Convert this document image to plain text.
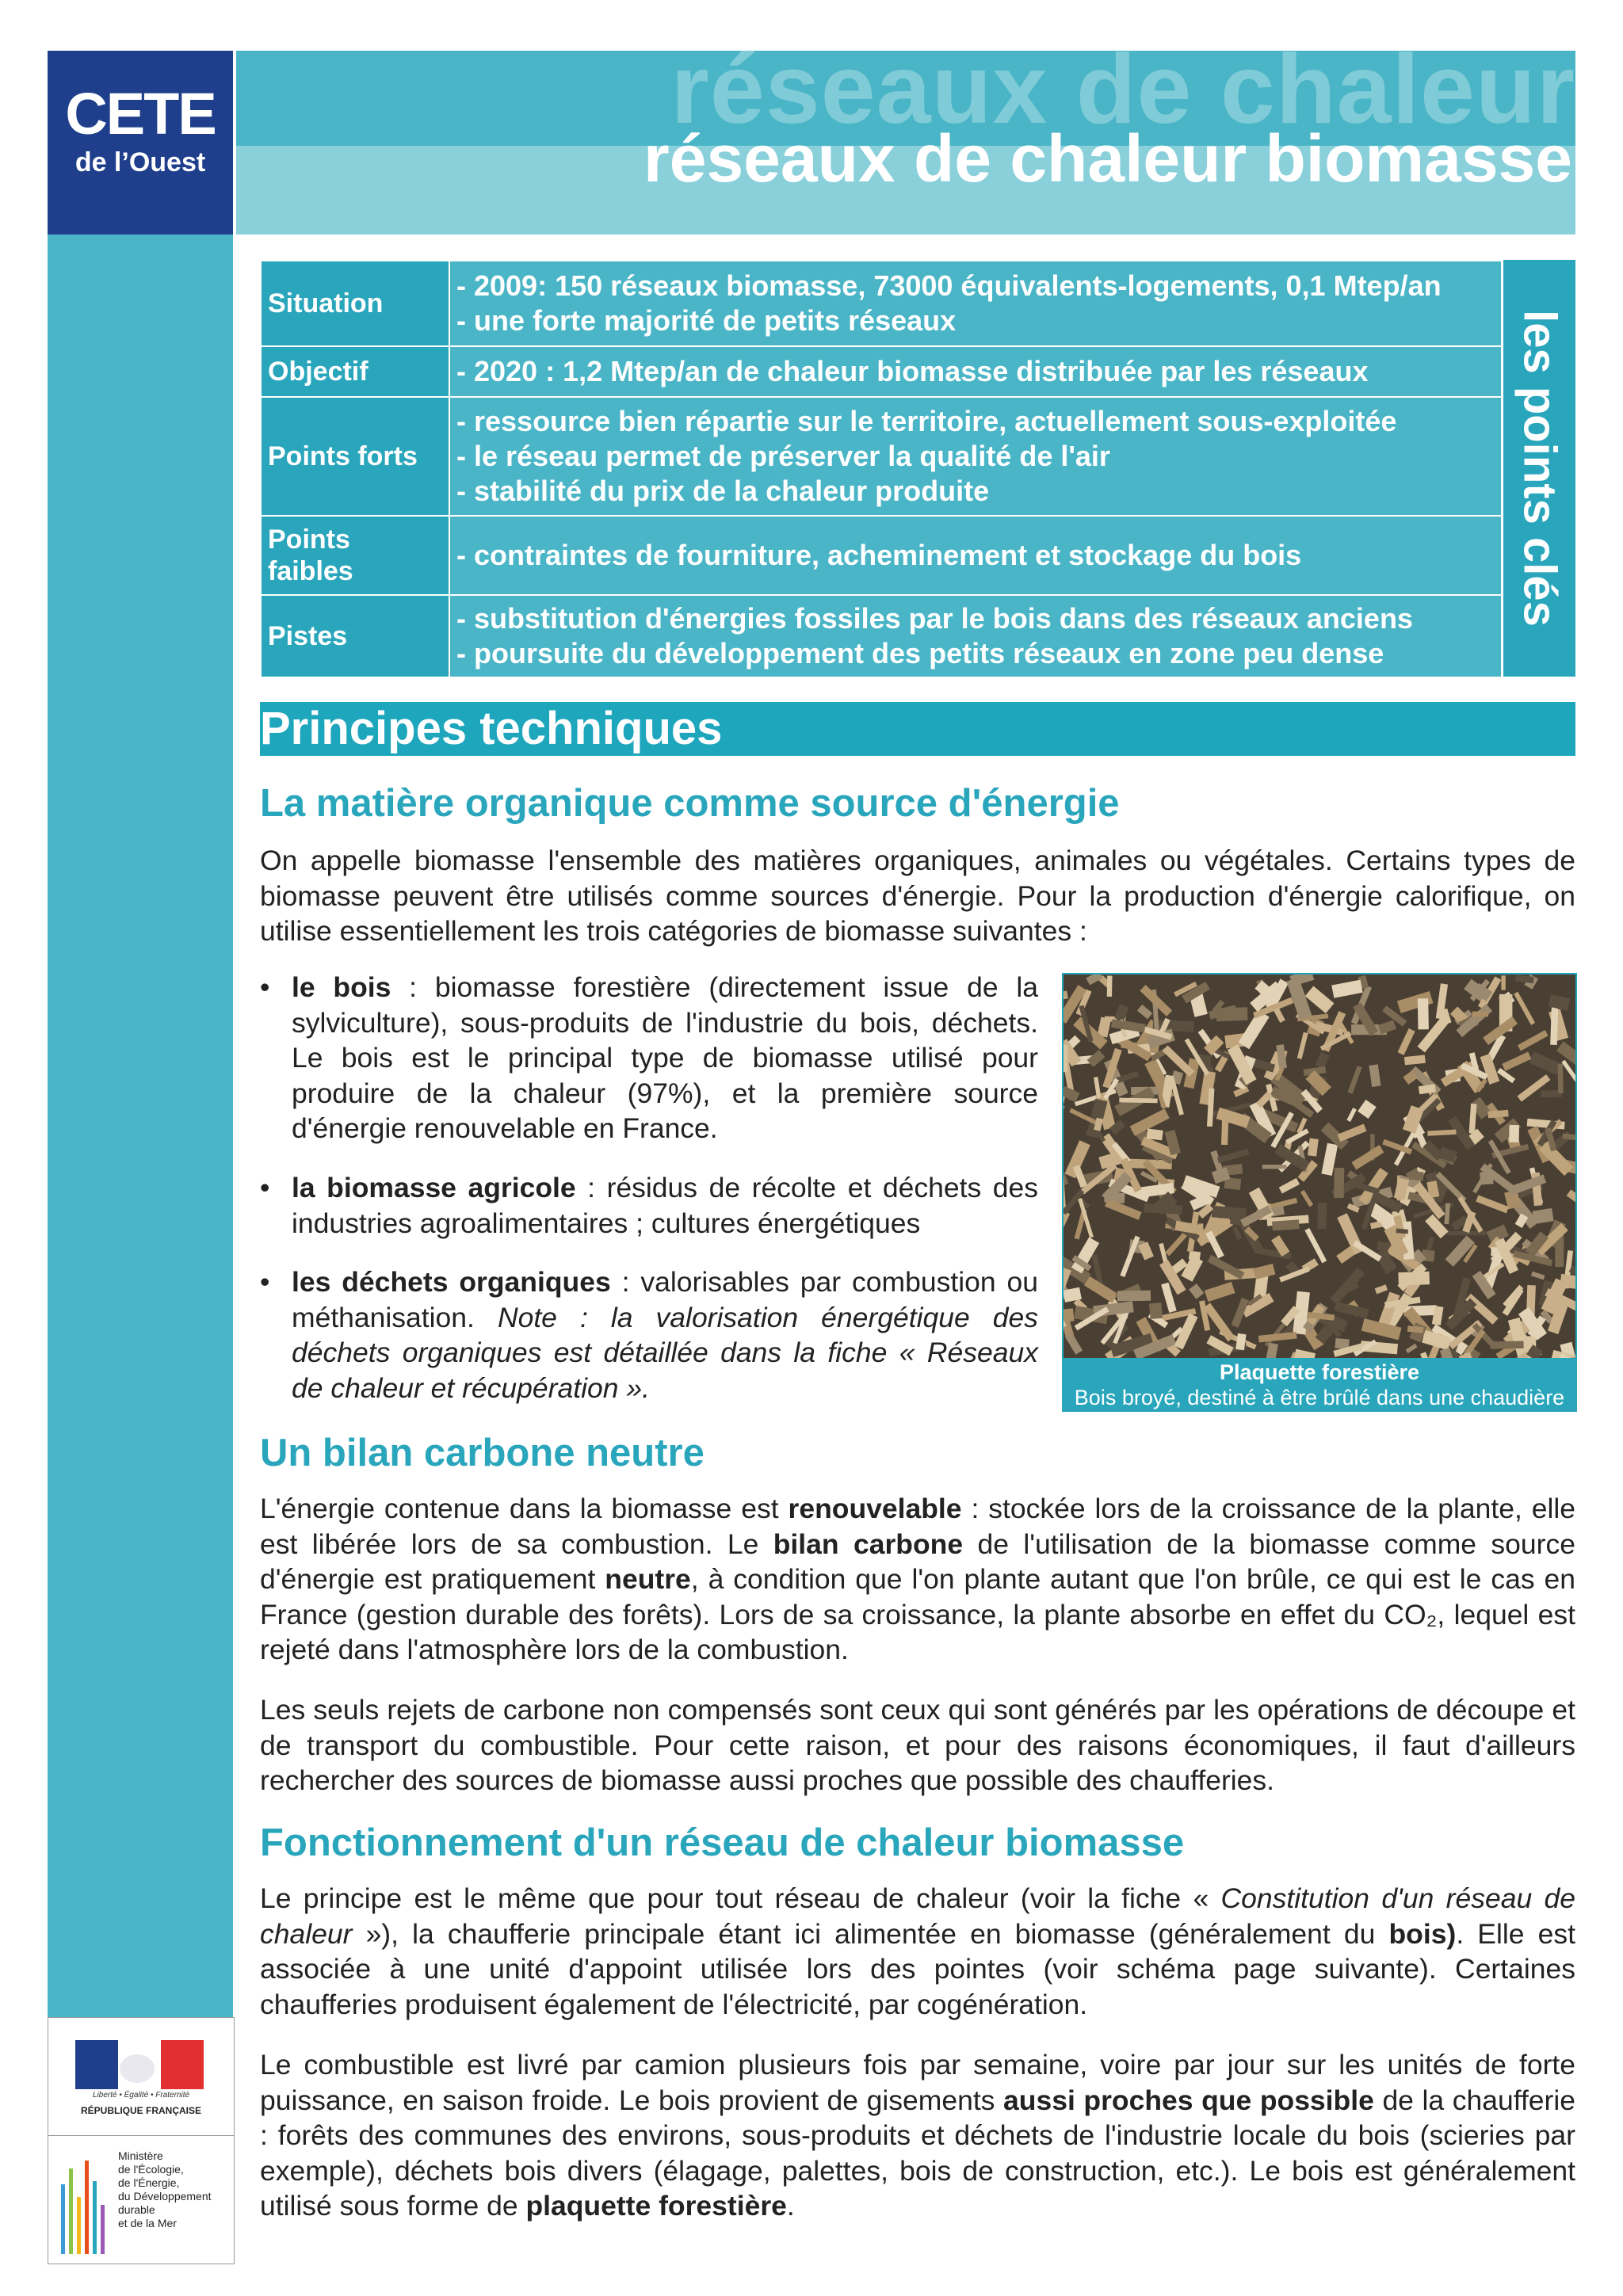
CETE
de l’Ouest
réseaux de chaleur
réseaux de chaleur biomasse
Situation	- 2009: 150 réseaux biomasse, 73000 équivalents-logements, 0,1 Mtep/an
- une forte majorité de petits réseaux

Objectif	- 2020 : 1,2 Mtep/an de chaleur biomasse distribuée par les réseaux

Points forts	- ressource bien répartie sur le territoire, actuellement sous-exploitée
- le réseau permet de préserver la qualité de l'air
- stabilité du prix de la chaleur produite

Points faibles	- contraintes de fourniture, acheminement et stockage du bois

Pistes	- substitution d'énergies fossiles par le bois dans des réseaux anciens
- poursuite du développement des petits réseaux en zone peu dense
les points clés
Principes techniques
La matière organique comme source d'énergie

On appelle biomasse l'ensemble des matières organiques, animales ou végétales. Certains types de biomasse peuvent être utilisés comme sources d'énergie. Pour la production d'énergie calorifique, on utilise essentiellement les trois catégories de biomasse suivantes :

• le bois : biomasse forestière (directement issue de la sylviculture), sous-produits de l'industrie du bois, déchets. Le bois est le principal type de biomasse utilisé pour produire de la chaleur (97%), et la première source d'énergie renouvelable en France.
• la biomasse agricole : résidus de récolte et déchets des industries agroalimentaires ; cultures énergétiques
• les déchets organiques : valorisables par combustion ou méthanisation. Note : la valorisation énergétique des déchets organiques est détaillée dans la fiche « Réseaux de chaleur et récupération ».	Plaquette forestière
Bois broyé, destiné à être brûlé dans une chaudière
Un bilan carbone neutre

L'énergie contenue dans la biomasse est renouvelable : stockée lors de la croissance de la plante, elle est libérée lors de sa combustion. Le bilan carbone de l'utilisation de la biomasse comme source d'énergie est pratiquement neutre, à condition que l'on plante autant que l'on brûle, ce qui est le cas en France (gestion durable des forêts). Lors de sa croissance, la plante absorbe en effet du CO₂, lequel est rejeté dans l'atmosphère lors de la combustion.

Les seuls rejets de carbone non compensés sont ceux qui sont générés par les opérations de découpe et de transport du combustible. Pour cette raison, et pour des raisons économiques, il faut d'ailleurs rechercher des sources de biomasse aussi proches que possible des chaufferies.

Fonctionnement d'un réseau de chaleur biomasse

Le principe est le même que pour tout réseau de chaleur (voir la fiche « Constitution d'un réseau de chaleur »), la chaufferie principale étant ici alimentée en biomasse (généralement du bois). Elle est associée à une unité d'appoint utilisée lors des pointes (voir schéma page suivante). Certaines chaufferies produisent également de l'électricité, par cogénération.

Le combustible est livré par camion plusieurs fois par semaine, voire par jour sur les unités de forte puissance, en saison froide. Le bois provient de gisements aussi proches que possible de la chaufferie : forêts des communes des environs, sous-produits et déchets de l'industrie locale du bois (scieries par exemple), déchets bois divers (élagage, palettes, bois de construction, etc.). Le bois est généralement utilisé sous forme de plaquette forestière.

Liberté • Égalité • Fraternité
RÉPUBLIQUE FRANÇAISE
Ministère
de l'Écologie,
de l'Énergie,
du Développement
durable
et de la Mer
